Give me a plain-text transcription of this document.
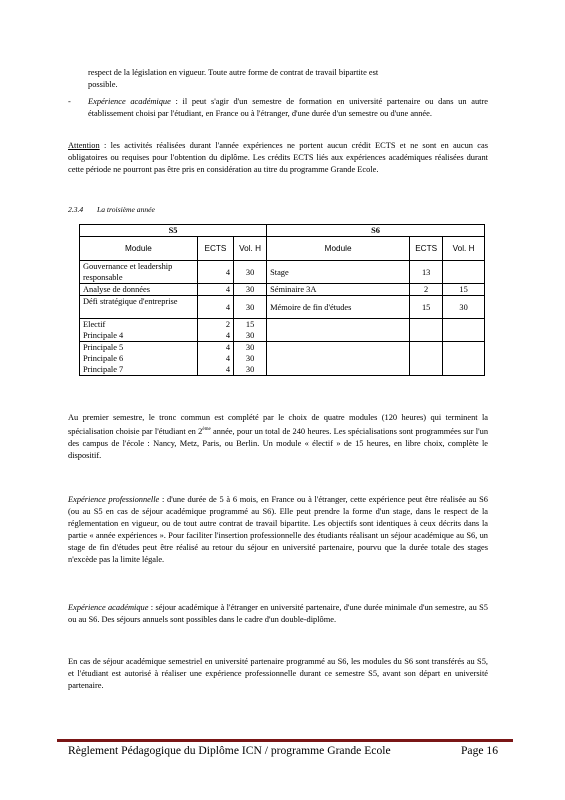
respect de la législation en vigueur. Toute autre forme de contrat de travail bipartite est
possible.
-	Expérience académique : il peut s'agir d'un semestre de formation en université partenaire ou dans un autre établissement choisi par l'étudiant, en France ou à l'étranger, d'une durée d'un semestre ou d'une année.
Attention : les activités réalisées durant l'année expériences ne portent aucun crédit ECTS et ne sont en aucun cas obligatoires ou requises pour l'obtention du diplôme. Les crédits ECTS liés aux expériences académiques réalisées durant cette période ne pourront pas être pris en considération au titre du programme Grande Ecole.
2.3.4 La troisième année
S5			S6		
Module	ECTS	Vol. H	Module	ECTS	Vol. H
Gouvernance et leadership responsable	4	30	Stage	13	
Analyse de données	4	30	Séminaire 3A	2	15
Défi stratégique d'entreprise	4	30	Mémoire de fin d'études	15	30
Electif	2	15			
Principale 4	4	30			
Principale 5	4	30			
Principale 6	4	30			
Principale 7	4	30			
Au premier semestre, le tronc commun est complété par le choix de quatre modules (120 heures) qui terminent la spécialisation choisie par l'étudiant en 2ème année, pour un total de 240 heures. Les spécialisations sont programmées sur l'un des campus de l'école : Nancy, Metz, Paris, ou Berlin. Un module « électif » de 15 heures, en libre choix, complète le dispositif.
Expérience professionnelle : d'une durée de 5 à 6 mois, en France ou à l'étranger, cette expérience peut être réalisée au S6 (ou au S5 en cas de séjour académique programmé au S6). Elle peut prendre la forme d'un stage, dans le respect de la réglementation en vigueur, ou de tout autre contrat de travail bipartite. Les objectifs sont identiques à ceux décrits dans la partie « année expériences ». Pour faciliter l'insertion professionnelle des étudiants réalisant un séjour académique au S6, un stage de fin d'études peut être réalisé au retour du séjour en université partenaire, pourvu que la durée totale des stages n'excède pas la limite légale.
Expérience académique : séjour académique à l'étranger en université partenaire, d'une durée minimale d'un semestre, au S5 ou au S6. Des séjours annuels sont possibles dans le cadre d'un double-diplôme.
En cas de séjour académique semestriel en université partenaire programmé au S6, les modules du S6 sont transférés au S5, et l'étudiant est autorisé à réaliser une expérience professionnelle durant ce semestre S5, avant son départ en université partenaire.
Règlement Pédagogique du Diplôme ICN / programme Grande Ecole	Page 16
